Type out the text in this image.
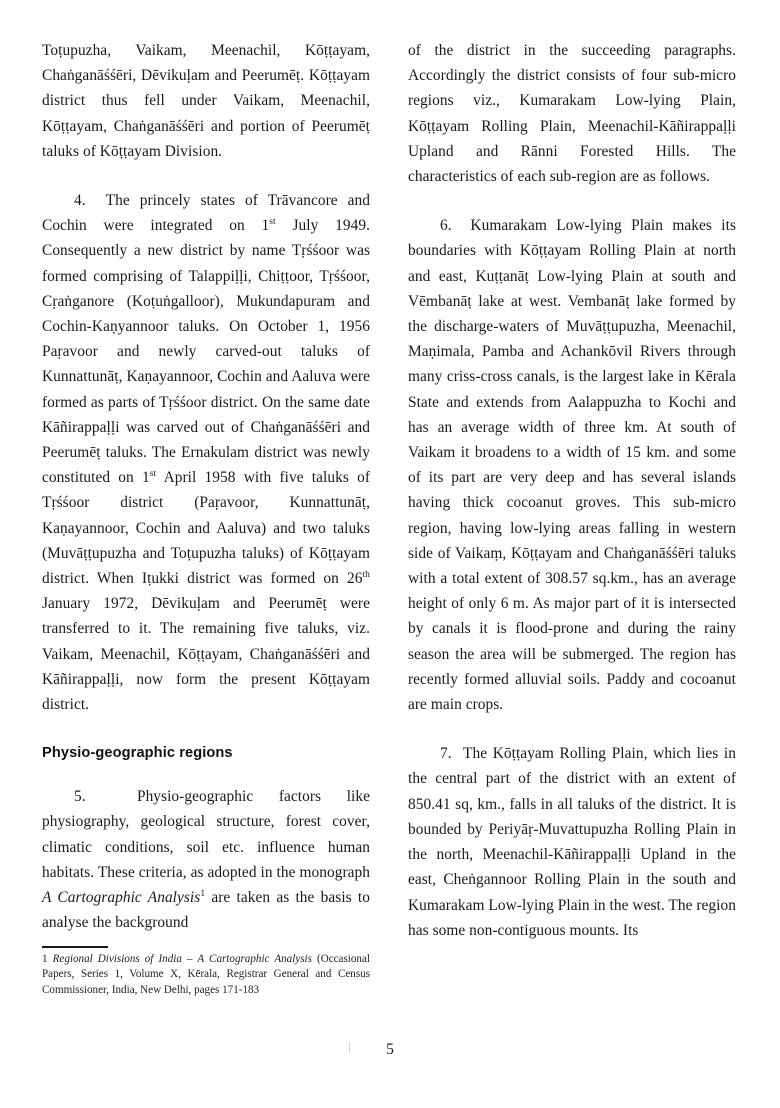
Toṭupuzha, Vaikam, Meenachil, Kōṭṭayam, Chaṅganāśśēri, Dēvikuḷam and Peerumēṭ. Kōṭṭayam district thus fell under Vaikam, Meenachil, Kōṭṭayam, Chaṅganāśśēri and portion of Peerumēṭ taluks of Kōṭṭayam Division.

4. The princely states of Trāvancore and Cochin were integrated on 1st July 1949. Consequently a new district by name Tṛśśoor was formed comprising of Talappiḷḷi, Chiṭṭoor, Tṛśśoor, Cṛaṅganore (Koṭuṅgalloor), Mukundapuram and Cochin-Kaṇyannoor taluks. On October 1, 1956 Paṛavoor and newly carved-out taluks of Kunnattunāṭ, Kaṇayannoor, Cochin and Aaluva were formed as parts of Tṛśśoor district. On the same date Kāñirappaḷḷi was carved out of Chaṅganāśśēri and Peerumēṭ taluks. The Ernakulam district was newly constituted on 1st April 1958 with five taluks of Tṛśśoor district (Paṛavoor, Kunnattunāṭ, Kaṇayannoor, Cochin and Aaluva) and two taluks (Muvāṭṭupuzha and Toṭupuzha taluks) of Kōṭṭayam district. When Iṭukki district was formed on 26th January 1972, Dēvikuḷam and Peerumēṭ were transferred to it. The remaining five taluks, viz. Vaikam, Meenachil, Kōṭṭayam, Chaṅganāśśēri and Kāñirappaḷḷi, now form the present Kōṭṭayam district.

Physio-geographic regions

5.	Physio-geographic factors like physiography, geological structure, forest cover, climatic conditions, soil etc. influence human habitats. These criteria, as adopted in the monograph A Cartographic Analysis$^1$ are taken as the basis to analyse the background

1 Regional Divisions of India – A Cartographic Analysis (Occasional Papers, Series 1, Volume X, Kērala, Registrar General and Census Commissioner, India, New Delhi, pages 171-183

of the district in the succeeding paragraphs. Accordingly the district consists of four sub-micro regions viz., Kumarakam Low-lying Plain, Kōṭṭayam Rolling Plain, Meenachil-Kāñirappaḷḷi Upland and Rānni Forested Hills. The characteristics of each sub-region are as follows.

6. Kumarakam Low-lying Plain makes its boundaries with Kōṭṭayam Rolling Plain at north and east, Kuṭṭanāṭ Low-lying Plain at south and Vēmbanāṭ lake at west. Vembanāṭ lake formed by the discharge-waters of Muvāṭṭupuzha, Meenachil, Maṇimala, Pamba and Achankōvil Rivers through many criss-cross canals, is the largest lake in Kērala State and extends from Aalappuzha to Kochi and has an average width of three km. At south of Vaikam it broadens to a width of 15 km. and some of its part are very deep and has several islands having thick cocoanut groves. This sub-micro region, having low-lying areas falling in western side of Vaikaṃ, Kōṭṭayam and Chaṅganāśśēri taluks with a total extent of 308.57 sq.km., has an average height of only 6 m. As major part of it is intersected by canals it is flood-prone and during the rainy season the area will be submerged. The region has recently formed alluvial soils. Paddy and cocoanut are main crops.

7. The Kōṭṭayam Rolling Plain, which lies in the central part of the district with an extent of 850.41 sq, km., falls in all taluks of the district. It is bounded by Periyāṛ-Muvattupuzha Rolling Plain in the north, Meenachil-Kāñirappaḷḷi Upland in the east, Cheṅgannoor Rolling Plain in the south and Kumarakam Low-lying Plain in the west. The region has some non-contiguous mounts. Its

5
